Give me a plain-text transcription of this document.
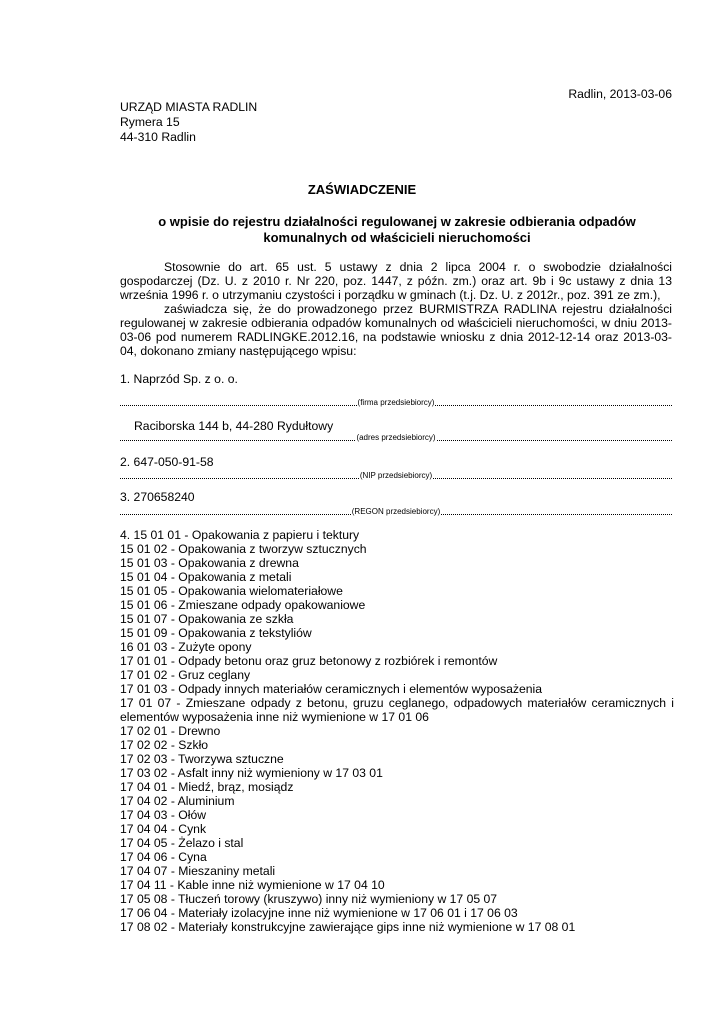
Radlin, 2013-03-06
URZĄD MIASTA RADLIN
Rymera 15
44-310 Radlin
ZAŚWIADCZENIE
o wpisie do rejestru działalności regulowanej w zakresie odbierania odpadów komunalnych od właścicieli nieruchomości
Stosownie do art. 65 ust. 5 ustawy z dnia 2 lipca 2004 r. o swobodzie działalności gospodarczej (Dz. U. z 2010 r. Nr 220, poz. 1447, z późn. zm.) oraz art. 9b i 9c ustawy z dnia 13 września 1996 r. o utrzymaniu czystości i porządku w gminach (t.j. Dz. U. z 2012r., poz. 391 ze zm.),
zaświadcza się, że do prowadzonego przez BURMISTRZA RADLINA rejestru działalności regulowanej w zakresie odbierania odpadów komunalnych od właścicieli nieruchomości, w dniu 2013-03-06 pod numerem RADLINGKE.2012.16, na podstawie wniosku z dnia 2012-12-14 oraz 2013-03-04, dokonano zmiany następującego wpisu:
1. Naprzód Sp. z o. o.
(firma przedsiebiorcy)
Raciborska 144 b, 44-280 Rydułtowy
(adres przedsiebiorcy)
2. 647-050-91-58
(NIP przedsiebiorcy)
3. 270658240
(REGON przedsiebiorcy)
4. 15 01 01 - Opakowania z papieru i tektury
15 01 02 - Opakowania z tworzyw sztucznych
15 01 03 - Opakowania z drewna
15 01 04 - Opakowania z metali
15 01 05 - Opakowania wielomateriałowe
15 01 06 - Zmieszane odpady opakowaniowe
15 01 07 - Opakowania ze szkła
15 01 09 - Opakowania z tekstyliów
16 01 03 - Zużyte opony
17 01 01 - Odpady betonu oraz gruz betonowy z rozbiórek i remontów
17 01 02 - Gruz ceglany
17 01 03 - Odpady innych materiałów ceramicznych i elementów wyposażenia
17 01 07 - Zmieszane odpady z betonu, gruzu ceglanego, odpadowych materiałów ceramicznych i elementów wyposażenia inne niż wymienione w 17 01 06
17 02 01 - Drewno
17 02 02 - Szkło
17 02 03 - Tworzywa sztuczne
17 03 02 - Asfalt inny niż wymieniony w 17 03 01
17 04 01 - Miedź, brąz, mosiądz
17 04 02 - Aluminium
17 04 03 - Ołów
17 04 04 - Cynk
17 04 05 - Żelazo i stal
17 04 06 - Cyna
17 04 07 - Mieszaniny metali
17 04 11 - Kable inne niż wymienione w 17 04 10
17 05 08 - Tłuczeń torowy (kruszywo) inny niż wymieniony w 17 05 07
17 06 04 - Materiały izolacyjne inne niż wymienione w 17 06 01 i 17 06 03
17 08 02 - Materiały konstrukcyjne zawierające gips inne niż wymienione w 17 08 01
